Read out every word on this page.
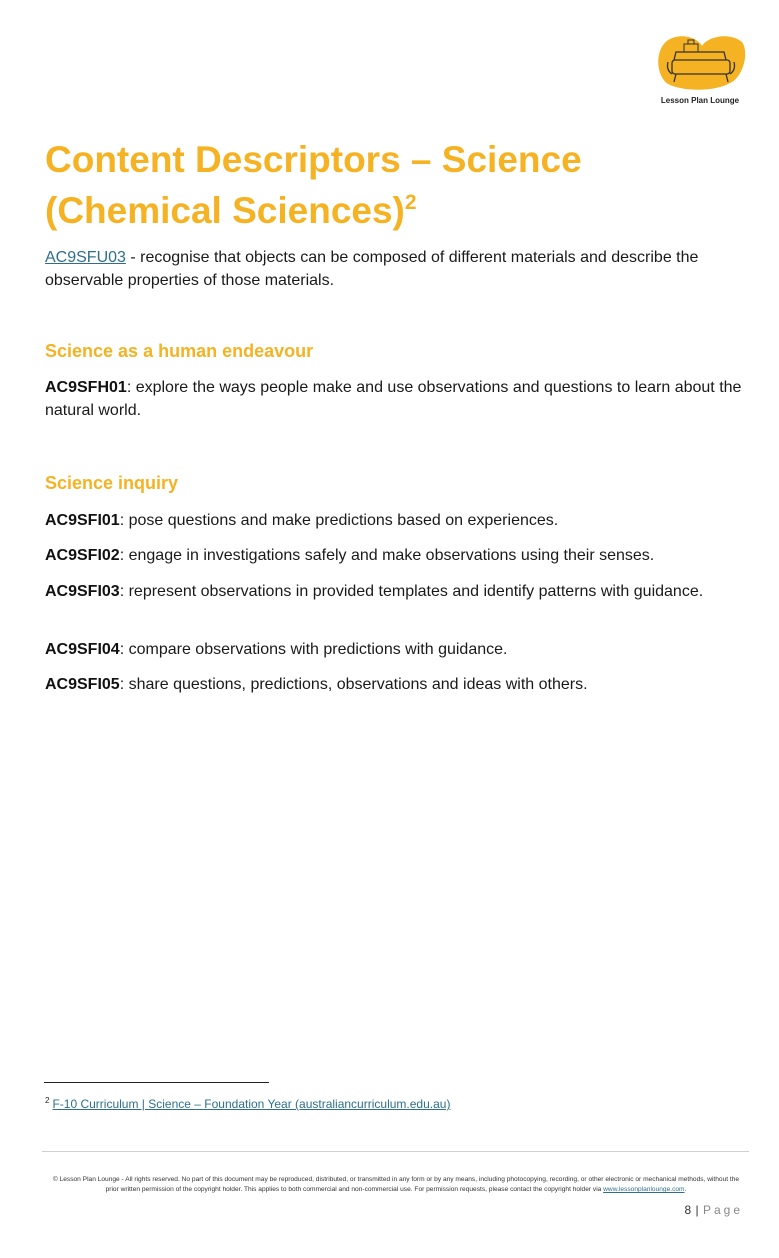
Lesson Plan Lounge
Content Descriptors – Science (Chemical Sciences)$^2$

AC9SFU03 - recognise that objects can be composed of different materials and describe the observable properties of those materials.

Science as a human endeavour

AC9SFH01: explore the ways people make and use observations and questions to learn about the natural world.

Science inquiry

AC9SFI01: pose questions and make predictions based on experiences.

AC9SFI02: engage in investigations safely and make observations using their senses.

AC9SFI03: represent observations in provided templates and identify patterns with guidance.

AC9SFI04: compare observations with predictions with guidance.

AC9SFI05: share questions, predictions, observations and ideas with others.

$^2$ F-10 Curriculum | Science – Foundation Year (australiancurriculum.edu.au)

© Lesson Plan Lounge - All rights reserved. No part of this document may be reproduced, distributed, or transmitted in any form or by any means, including photocopying, recording, or other electronic or mechanical methods, without the prior written permission of the copyright holder. This applies to both commercial and non-commercial use. For permission requests, please contact the copyright holder via www.lessonplanlounge.com.

8 | Page
